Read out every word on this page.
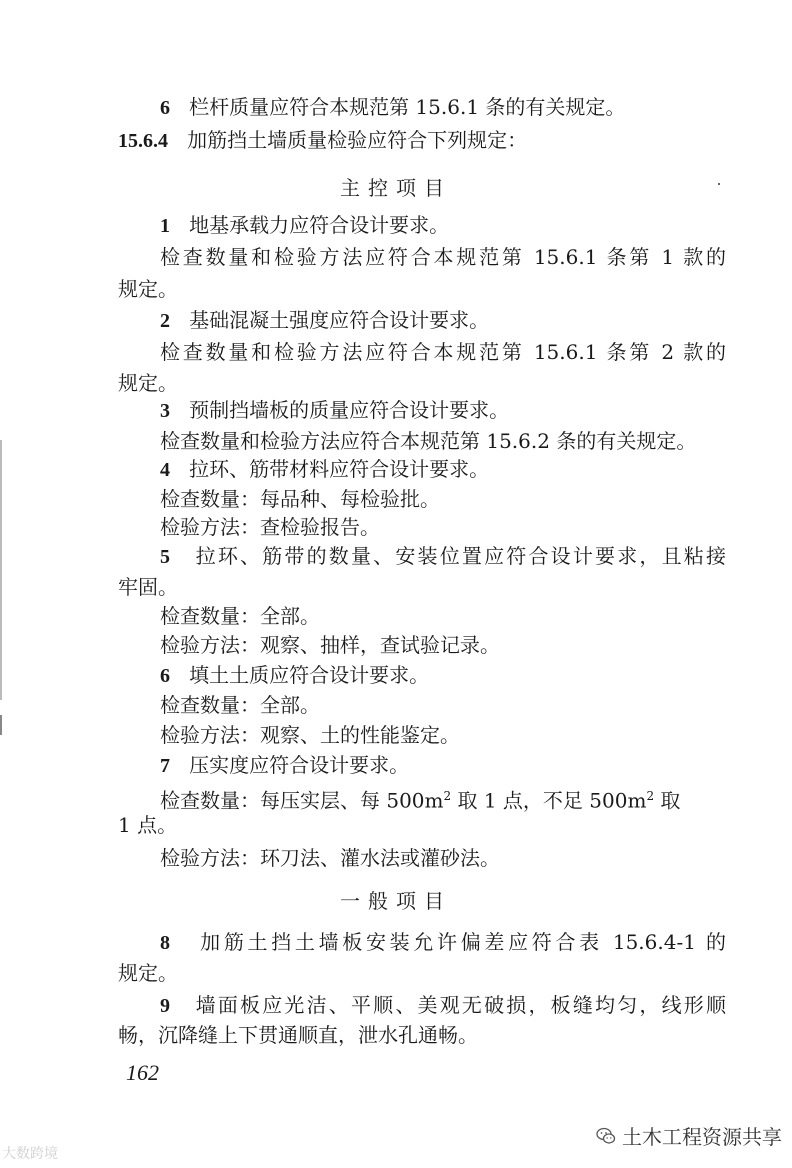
6 栏杆质量应符合本规范第 15.6.1 条的有关规定。
15.6.4 加筋挡土墙质量检验应符合下列规定：
主控项目
1 地基承载力应符合设计要求。
检查数量和检验方法应符合本规范第 15.6.1 条第 1 款的
规定。
2 基础混凝土强度应符合设计要求。
检查数量和检验方法应符合本规范第 15.6.1 条第 2 款的
规定。
3 预制挡墙板的质量应符合设计要求。
检查数量和检验方法应符合本规范第 15.6.2 条的有关规定。
4 拉环、筋带材料应符合设计要求。
检查数量：每品种、每检验批。
检验方法：查检验报告。
5 拉环、筋带的数量、安装位置应符合设计要求，且粘接
牢固。
检查数量：全部。
检验方法：观察、抽样，查试验记录。
6 填土土质应符合设计要求。
检查数量：全部。
检验方法：观察、土的性能鉴定。
7 压实度应符合设计要求。
检查数量：每压实层、每 $500m^2$ 取 1 点，不足 $500m^2$ 取
1 点。
检验方法：环刀法、灌水法或灌砂法。
一般项目
8 加筋土挡土墙板安装允许偏差应符合表 15.6.4-1 的
规定。
9 墙面板应光洁、平顺、美观无破损，板缝均匀，线形顺
畅，沉降缝上下贯通顺直，泄水孔通畅。
162
大数跨境
土木工程资源共享
